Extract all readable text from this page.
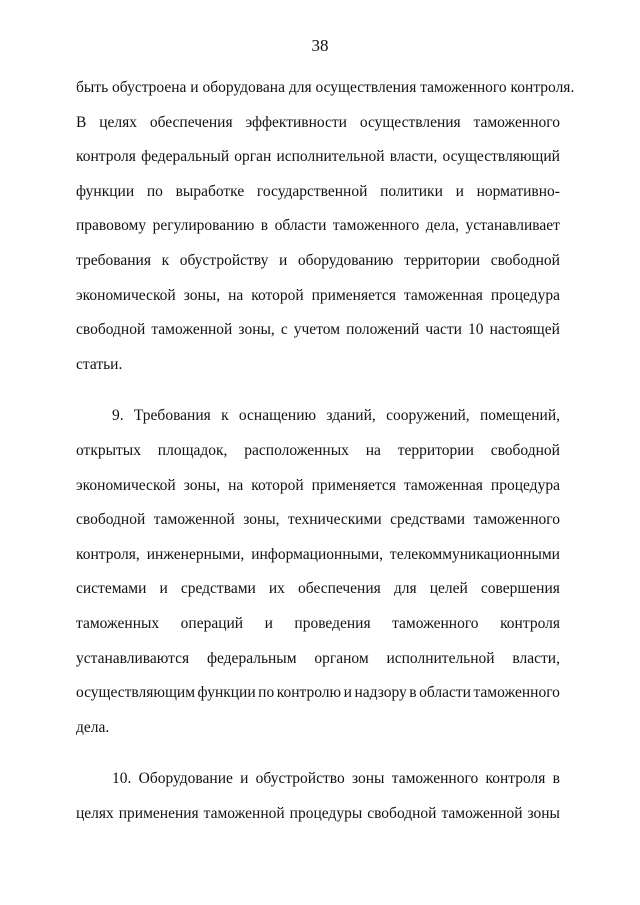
38
быть обустроена и оборудована для осуществления таможенного контроля.
В целях обеспечения эффективности осуществления таможенного
контроля федеральный орган исполнительной власти, осуществляющий
функции по выработке государственной политики и нормативно-
правовому регулированию в области таможенного дела, устанавливает
требования к обустройству и оборудованию территории свободной
экономической зоны, на которой применяется таможенная процедура
свободной таможенной зоны, с учетом положений части 10 настоящей
статьи.
9. Требования к оснащению зданий, сооружений, помещений,
открытых площадок, расположенных на территории свободной
экономической зоны, на которой применяется таможенная процедура
свободной таможенной зоны, техническими средствами таможенного
контроля, инженерными, информационными, телекоммуникационными
системами и средствами их обеспечения для целей совершения
таможенных операций и проведения таможенного контроля
устанавливаются федеральным органом исполнительной власти,
осуществляющим функции по контролю и надзору в области таможенного
дела.
10. Оборудование и обустройство зоны таможенного контроля в
целях применения таможенной процедуры свободной таможенной зоны
